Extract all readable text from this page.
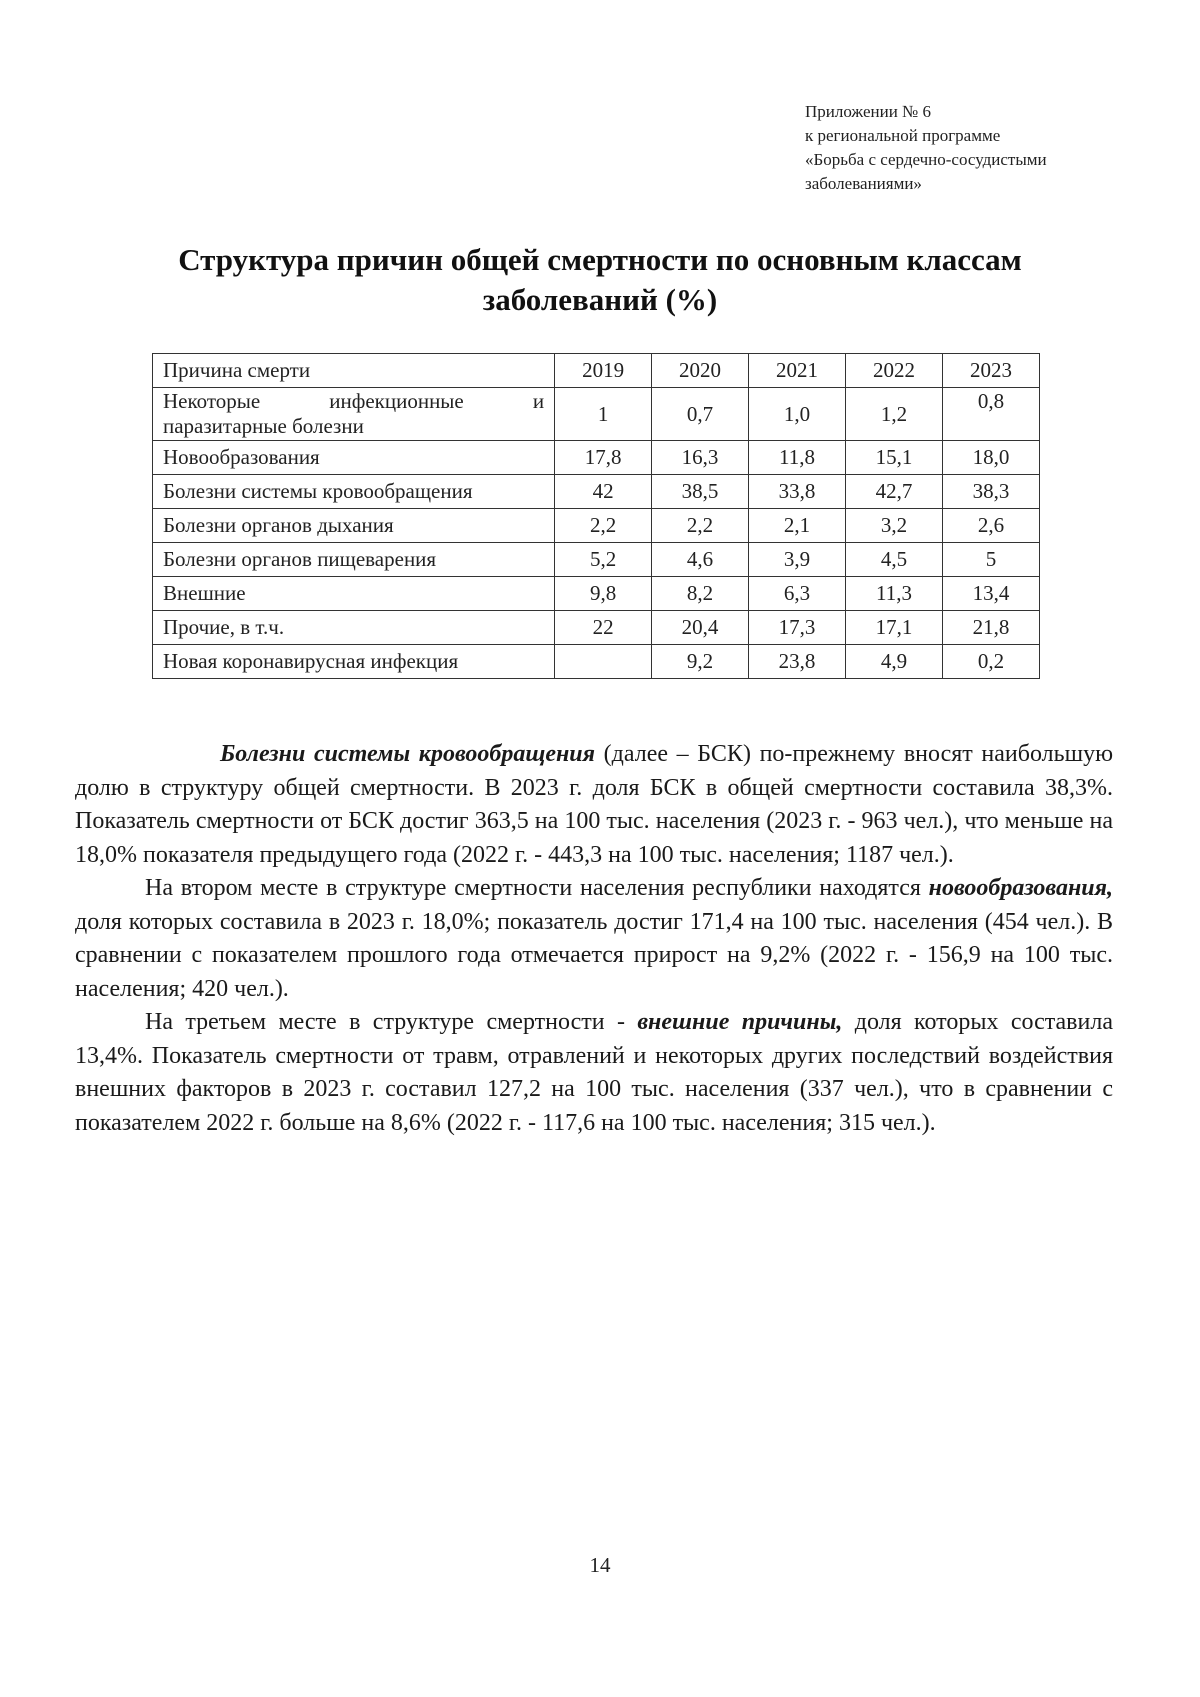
Приложении № 6
к региональной программе
«Борьба с сердечно-сосудистыми
заболеваниями»
Структура причин общей смертности по основным классам
заболеваний (%)
Причина смерти	2019	2020	2021	2022	2023

Некоторые инфекционные и
паразитарные болезни	1	0,7	1,0	1,2	0,8
Новообразования	17,8	16,3	11,8	15,1	18,0
Болезни системы кровообращения	42	38,5	33,8	42,7	38,3
Болезни органов дыхания	2,2	2,2	2,1	3,2	2,6
Болезни органов пищеварения	5,2	4,6	3,9	4,5	5
Внешние	9,8	8,2	6,3	11,3	13,4
Прочие, в т.ч.	22	20,4	17,3	17,1	21,8
Новая коронавирусная инфекция		9,2	23,8	4,9	0,2

Болезни системы кровообращения (далее – БСК) по-прежнему вносят наибольшую долю в структуру общей смертности. В 2023 г. доля БСК в общей смертности составила 38,3%. Показатель смертности от БСК достиг 363,5 на 100 тыс. населения (2023 г. - 963 чел.), что меньше на 18,0% показателя предыдущего года (2022 г. - 443,3 на 100 тыс. населения; 1187 чел.).

На втором месте в структуре смертности населения республики находятся новообразования, доля которых составила в 2023 г. 18,0%; показатель достиг 171,4 на 100 тыс. населения (454 чел.). В сравнении с показателем прошлого года отмечается прирост на 9,2% (2022 г. - 156,9 на 100 тыс. населения; 420 чел.).

На третьем месте в структуре смертности - внешние причины, доля которых составила 13,4%. Показатель смертности от травм, отравлений и некоторых других последствий воздействия внешних факторов в 2023 г. составил 127,2 на 100 тыс. населения (337 чел.), что в сравнении с показателем 2022 г. больше на 8,6% (2022 г. - 117,6 на 100 тыс. населения; 315 чел.).

14
